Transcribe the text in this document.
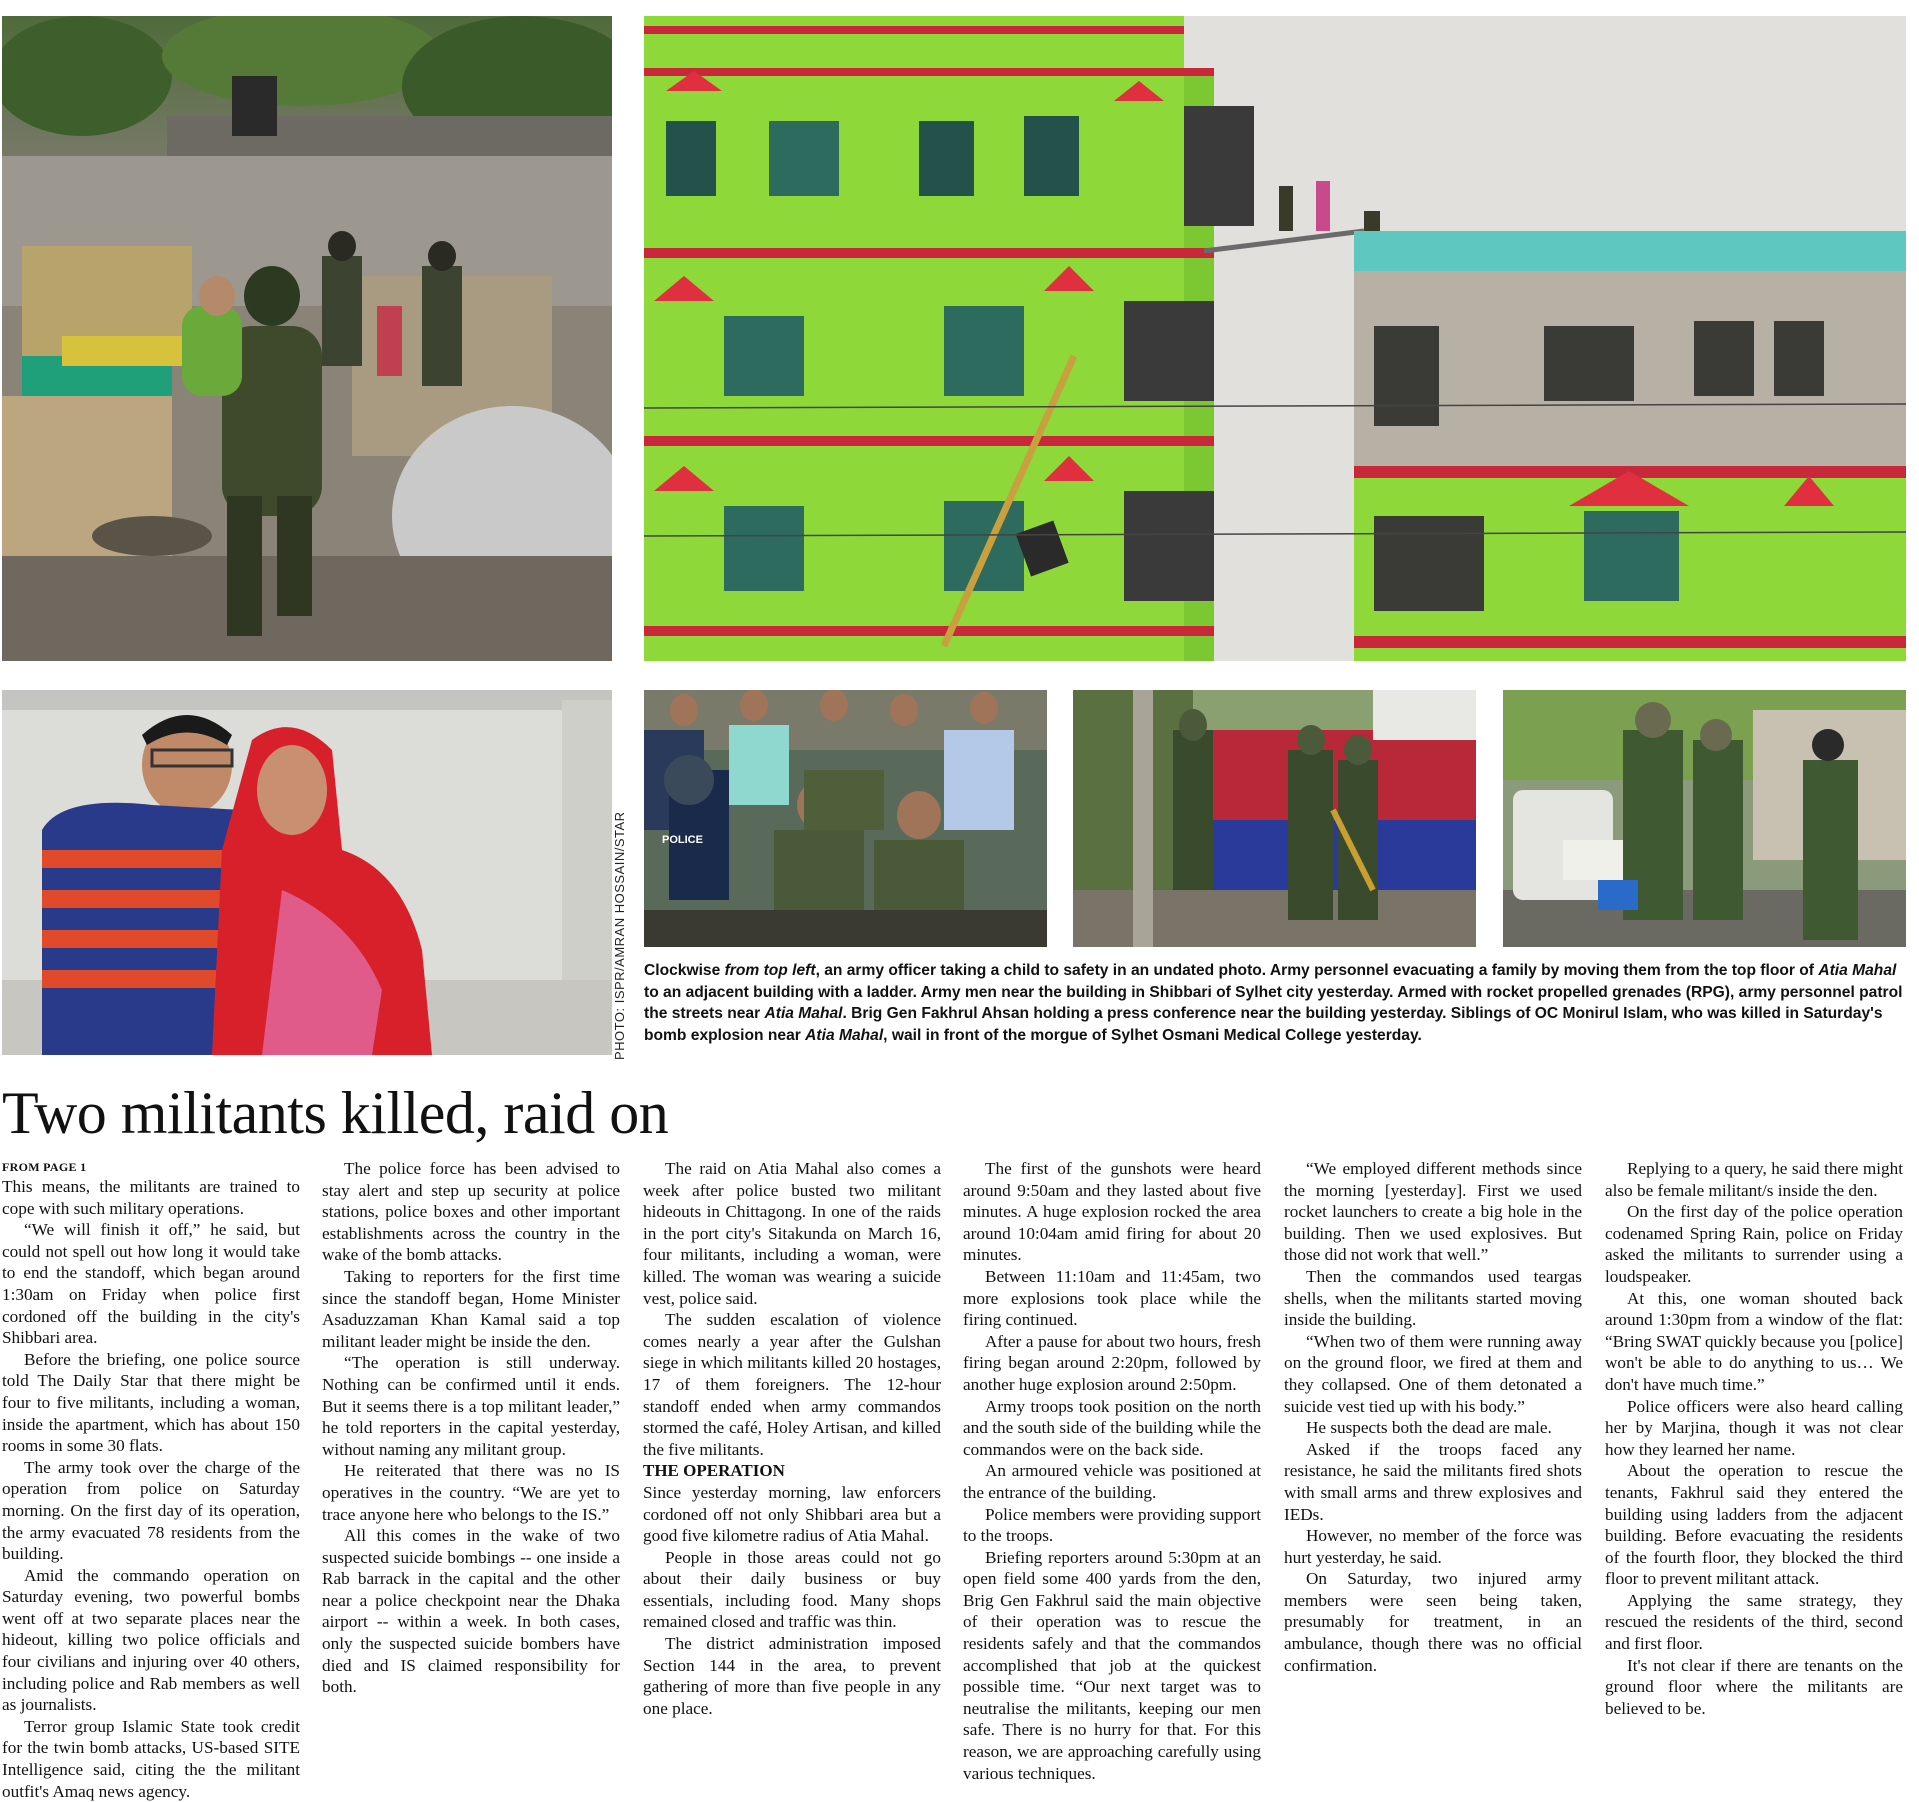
POLICE
PHOTO: ISPR/AMRAN HOSSAIN/STAR Clockwise from top left, an army officer taking a child to safety in an undated photo. Army personnel evacuating a family by moving them from the top floor of Atia Mahal to an adjacent building with a ladder. Army men near the building in Shibbari of Sylhet city yesterday. Armed with rocket propelled grenades (RPG), army personnel patrol the streets near Atia Mahal. Brig Gen Fakhrul Ahsan holding a press conference near the building yesterday. Siblings of OC Monirul Islam, who was killed in Saturday's bomb explosion near Atia Mahal, wail in front of the morgue of Sylhet Osmani Medical College yesterday.
Two militants killed, raid on

FROM PAGE 1

This means, the militants are trained to cope with such military operations.

“We will finish it off,” he said, but could not spell out how long it would take to end the standoff, which began around 1:30am on Friday when police first cordoned off the building in the city's Shibbari area.

Before the briefing, one police source told The Daily Star that there might be four to five militants, including a woman, inside the apartment, which has about 150 rooms in some 30 flats.

The army took over the charge of the operation from police on Saturday morning. On the first day of its operation, the army evacuated 78 residents from the building.

Amid the commando operation on Saturday evening, two powerful bombs went off at two separate places near the hideout, killing two police officials and four civilians and injuring over 40 others, including police and Rab members as well as journalists.

Terror group Islamic State took credit for the twin bomb attacks, US-based SITE Intelligence said, citing the the militant outfit's Amaq news agency.

The police force has been advised to stay alert and step up security at police stations, police boxes and other important establishments across the country in the wake of the bomb attacks.

Taking to reporters for the first time since the standoff began, Home Minister Asaduzzaman Khan Kamal said a top militant leader might be inside the den.

“The operation is still underway. Nothing can be confirmed until it ends. But it seems there is a top militant leader,” he told reporters in the capital yesterday, without naming any militant group.

He reiterated that there was no IS operatives in the country. “We are yet to trace anyone here who belongs to the IS.”

All this comes in the wake of two suspected suicide bombings -- one inside a Rab barrack in the capital and the other near a police checkpoint near the Dhaka airport -- within a week. In both cases, only the suspected suicide bombers have died and IS claimed responsibility for both.

The raid on Atia Mahal also comes a week after police busted two militant hideouts in Chittagong. In one of the raids in the port city's Sitakunda on March 16, four militants, including a woman, were killed. The woman was wearing a suicide vest, police said.

The sudden escalation of violence comes nearly a year after the Gulshan siege in which militants killed 20 hostages, 17 of them foreigners. The 12-hour standoff ended when army commandos stormed the café, Holey Artisan, and killed the five militants.

THE OPERATION

Since yesterday morning, law enforcers cordoned off not only Shibbari area but a good five kilometre radius of Atia Mahal.

People in those areas could not go about their daily business or buy essentials, including food. Many shops remained closed and traffic was thin.

The district administration imposed Section 144 in the area, to prevent gathering of more than five people in any one place.

The first of the gunshots were heard around 9:50am and they lasted about five minutes. A huge explosion rocked the area around 10:04am amid firing for about 20 minutes.

Between 11:10am and 11:45am, two more explosions took place while the firing continued.

After a pause for about two hours, fresh firing began around 2:20pm, followed by another huge explosion around 2:50pm.

Army troops took position on the north and the south side of the building while the commandos were on the back side.

An armoured vehicle was positioned at the entrance of the building.

Police members were providing support to the troops.

Briefing reporters around 5:30pm at an open field some 400 yards from the den, Brig Gen Fakhrul said the main objective of their operation was to rescue the residents safely and that the commandos accomplished that job at the quickest possible time. “Our next target was to neutralise the militants, keeping our men safe. There is no hurry for that. For this reason, we are approaching carefully using various techniques.

“We employed different methods since the morning [yesterday]. First we used rocket launchers to create a big hole in the building. Then we used explosives. But those did not work that well.”

Then the commandos used teargas shells, when the militants started moving inside the building.

“When two of them were running away on the ground floor, we fired at them and they collapsed. One of them detonated a suicide vest tied up with his body.”

He suspects both the dead are male.

Asked if the troops faced any resistance, he said the militants fired shots with small arms and threw explosives and IEDs.

However, no member of the force was hurt yesterday, he said.

On Saturday, two injured army members were seen being taken, presumably for treatment, in an ambulance, though there was no official confirmation.

Replying to a query, he said there might also be female militant/s inside the den.

On the first day of the police operation codenamed Spring Rain, police on Friday asked the militants to surrender using a loudspeaker.

At this, one woman shouted back around 1:30pm from a window of the flat: “Bring SWAT quickly because you [police] won't be able to do anything to us… We don't have much time.”

Police officers were also heard calling her by Marjina, though it was not clear how they learned her name.

About the operation to rescue the tenants, Fakhrul said they entered the building using ladders from the adjacent building. Before evacuating the residents of the fourth floor, they blocked the third floor to prevent militant attack.

Applying the same strategy, they rescued the residents of the third, second and first floor.

It's not clear if there are tenants on the ground floor where the militants are believed to be.
